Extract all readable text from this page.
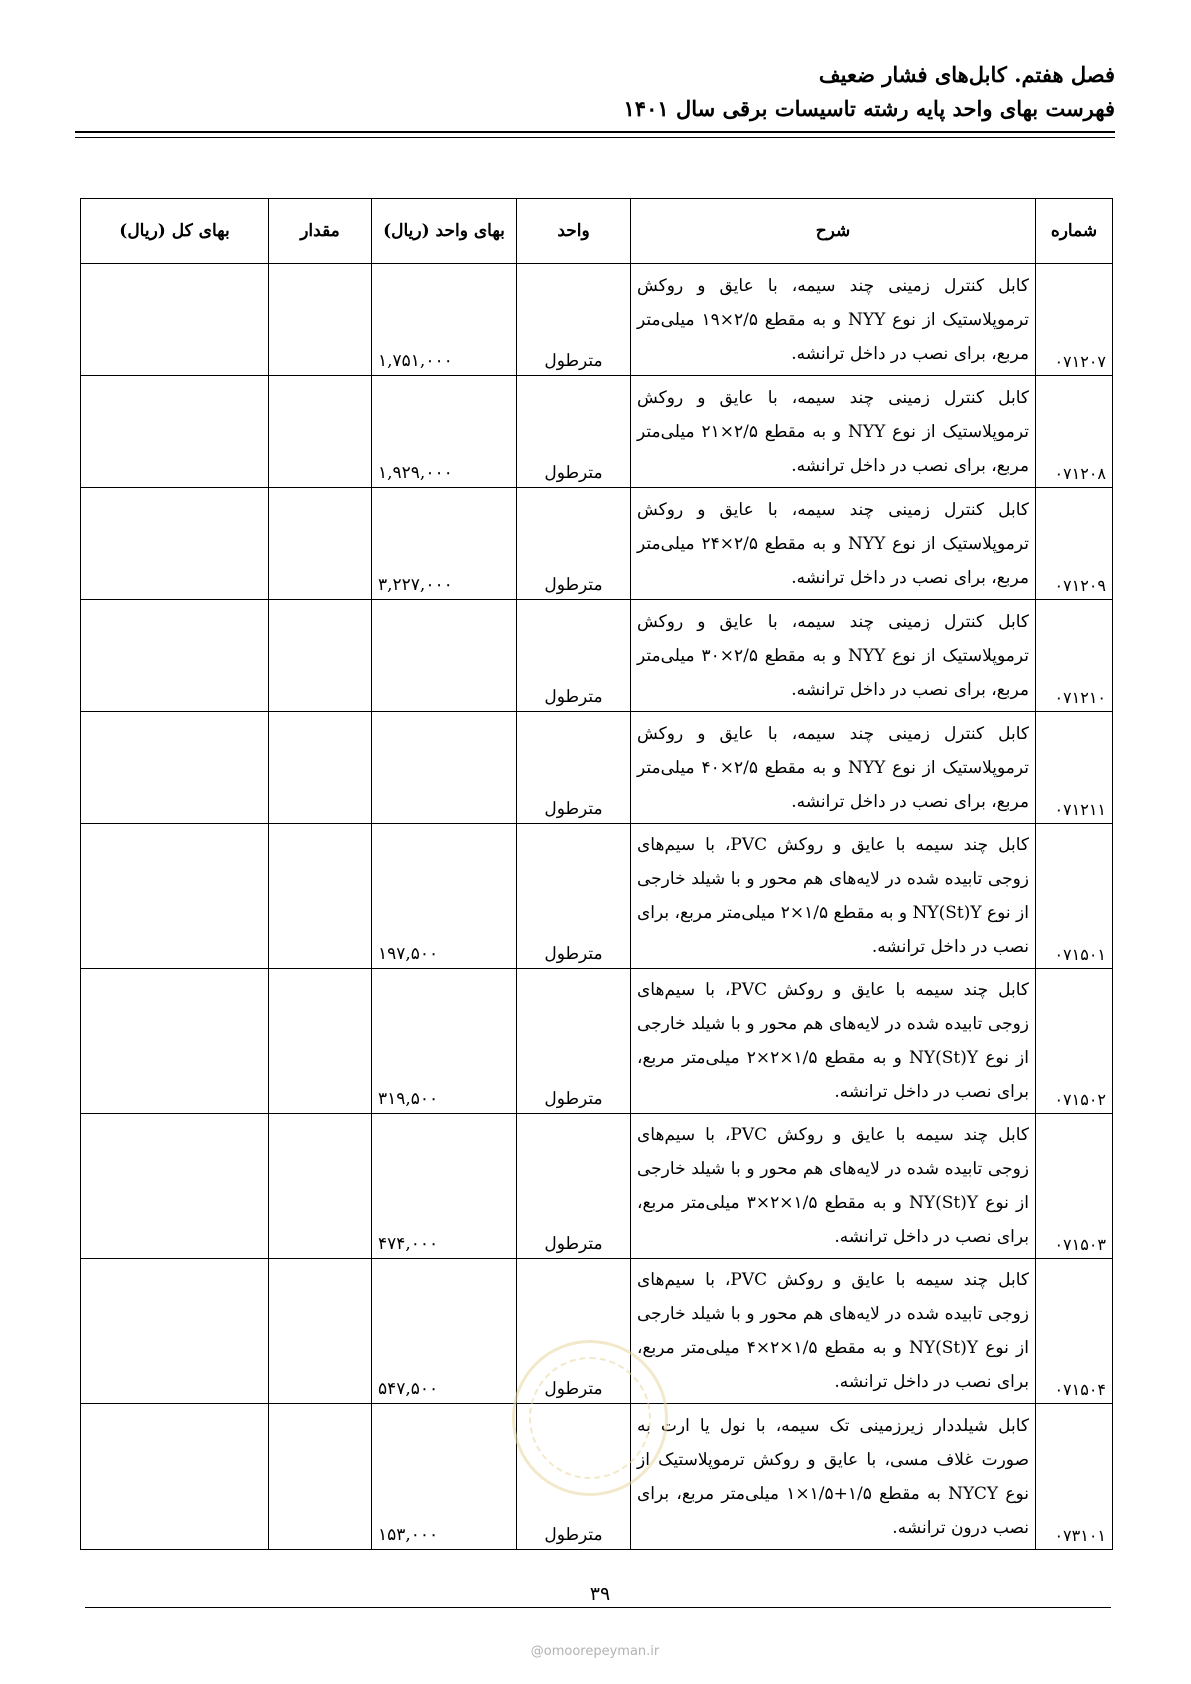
فصل هفتم. کابل‌های فشار ضعیف
فهرست بهای واحد پایه رشته تاسیسات برقی سال ۱۴۰۱
شماره	شرح	واحد	بهای واحد (ریال)	مقدار	بهای کل (ریال)
۰۷۱۲۰۷	کابل کنترل زمینی چند سیمه، با عایق و روکش ترموپلاستیک از نوع NYY و به مقطع ۲/۵×۱۹ میلی‌متر مربع، برای نصب در داخل ترانشه.	مترطول	۱,۷۵۱,۰۰۰		
۰۷۱۲۰۸	کابل کنترل زمینی چند سیمه، با عایق و روکش ترموپلاستیک از نوع NYY و به مقطع ۲/۵×۲۱ میلی‌متر مربع، برای نصب در داخل ترانشه.	مترطول	۱,۹۲۹,۰۰۰		
۰۷۱۲۰۹	کابل کنترل زمینی چند سیمه، با عایق و روکش ترموپلاستیک از نوع NYY و به مقطع ۲/۵×۲۴ میلی‌متر مربع، برای نصب در داخل ترانشه.	مترطول	۳,۲۲۷,۰۰۰		
۰۷۱۲۱۰	کابل کنترل زمینی چند سیمه، با عایق و روکش ترموپلاستیک از نوع NYY و به مقطع ۲/۵×۳۰ میلی‌متر مربع، برای نصب در داخل ترانشه.	مترطول			
۰۷۱۲۱۱	کابل کنترل زمینی چند سیمه، با عایق و روکش ترموپلاستیک از نوع NYY و به مقطع ۲/۵×۴۰ میلی‌متر مربع، برای نصب در داخل ترانشه.	مترطول			
۰۷۱۵۰۱	کابل چند سیمه با عایق و روکش PVC، با سیم‌های زوجی تابیده شده در لایه‌های هم محور و با شیلد خارجی از نوع NY(St)Y و به مقطع ۱/۵×۲ میلی‌متر مربع، برای نصب در داخل ترانشه.	مترطول	۱۹۷,۵۰۰		
۰۷۱۵۰۲	کابل چند سیمه با عایق و روکش PVC، با سیم‌های زوجی تابیده شده در لایه‌های هم محور و با شیلد خارجی از نوع NY(St)Y و به مقطع ۱/۵×۲×۲ میلی‌متر مربع، برای نصب در داخل ترانشه.	مترطول	۳۱۹,۵۰۰		
۰۷۱۵۰۳	کابل چند سیمه با عایق و روکش PVC، با سیم‌های زوجی تابیده شده در لایه‌های هم محور و با شیلد خارجی از نوع NY(St)Y و به مقطع ۱/۵×۲×۳ میلی‌متر مربع، برای نصب در داخل ترانشه.	مترطول	۴۷۴,۰۰۰		
۰۷۱۵۰۴	کابل چند سیمه با عایق و روکش PVC، با سیم‌های زوجی تابیده شده در لایه‌های هم محور و با شیلد خارجی از نوع NY(St)Y و به مقطع ۱/۵×۲×۴ میلی‌متر مربع، برای نصب در داخل ترانشه.	مترطول	۵۴۷,۵۰۰		
۰۷۳۱۰۱	کابل شیلددار زیرزمینی تک سیمه، با نول یا ارت به صورت غلاف مسی، با عایق و روکش ترموپلاستیک از نوع NYCY به مقطع ۱/۵+۱/۵×۱ میلی‌متر مربع، برای نصب درون ترانشه.	مترطول	۱۵۳,۰۰۰		
۳۹
@omoorepeyman.ir
